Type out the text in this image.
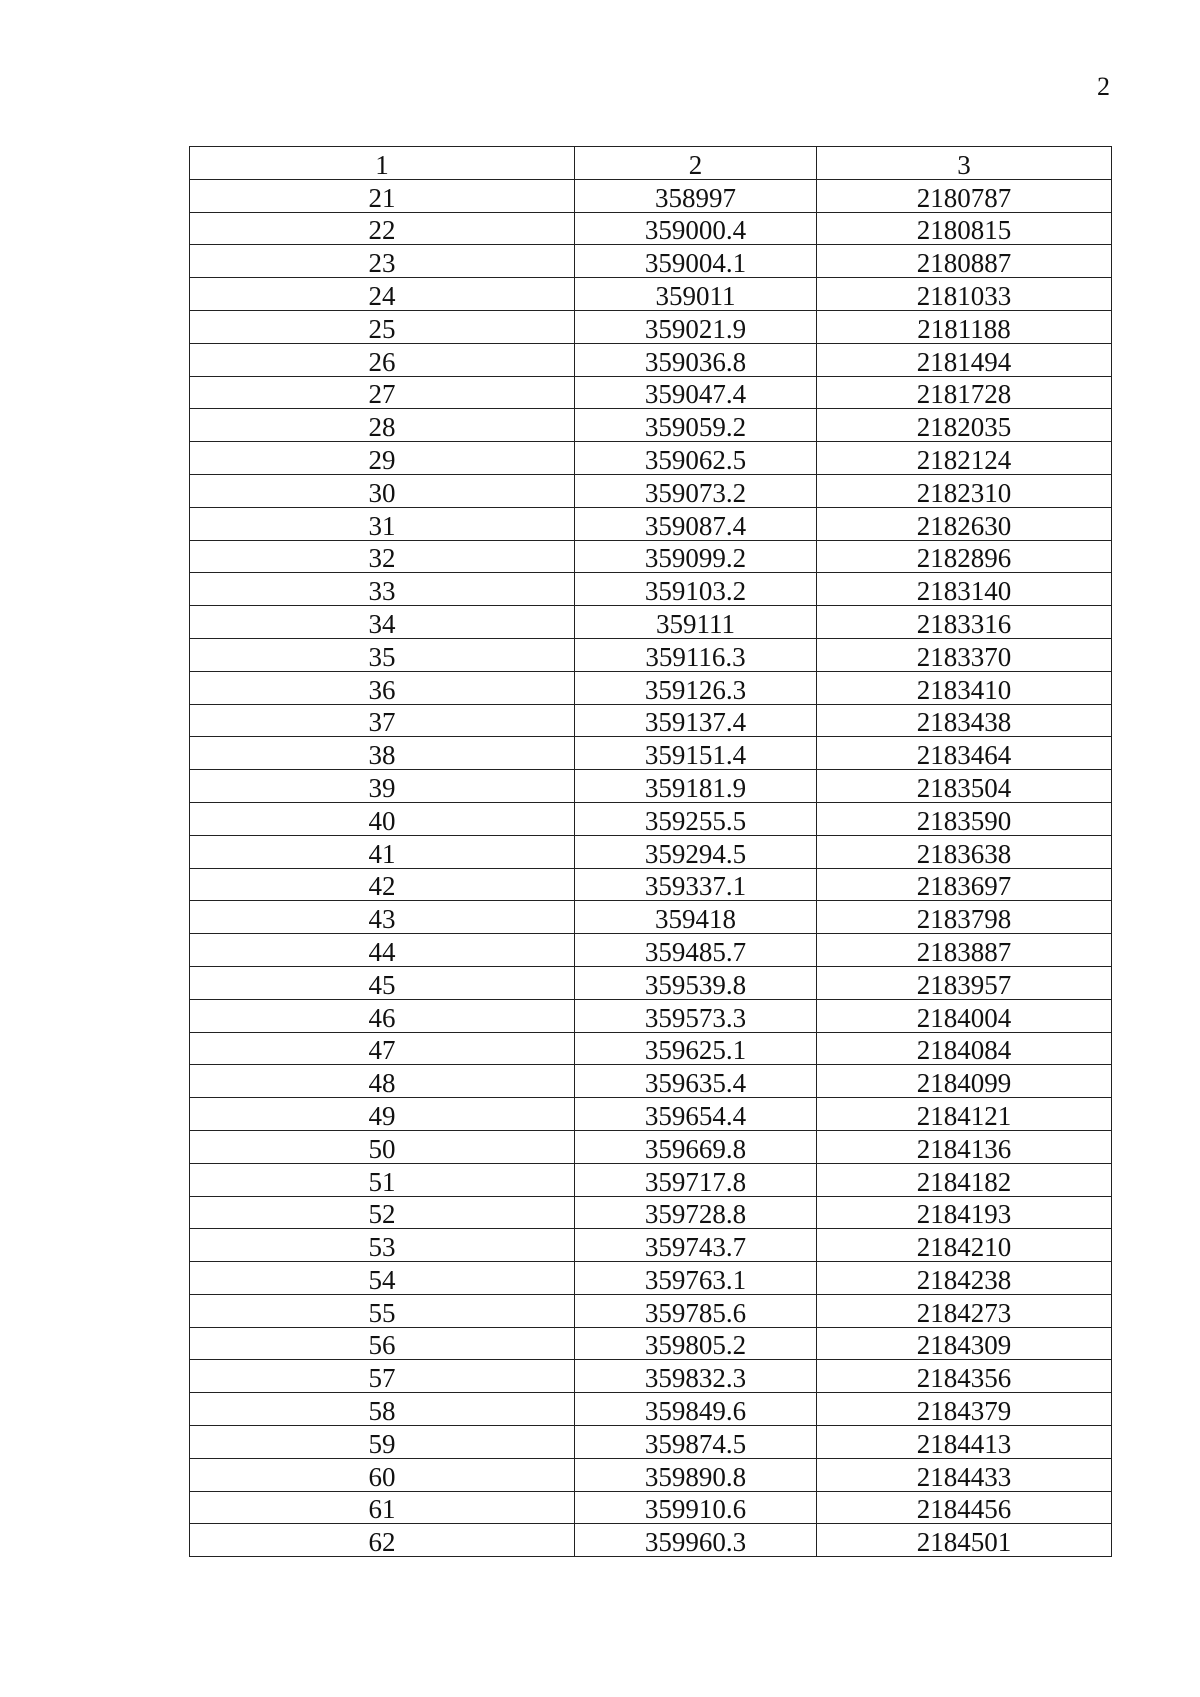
2
1	2	3
21	358997	2180787
22	359000.4	2180815
23	359004.1	2180887
24	359011	2181033
25	359021.9	2181188
26	359036.8	2181494
27	359047.4	2181728
28	359059.2	2182035
29	359062.5	2182124
30	359073.2	2182310
31	359087.4	2182630
32	359099.2	2182896
33	359103.2	2183140
34	359111	2183316
35	359116.3	2183370
36	359126.3	2183410
37	359137.4	2183438
38	359151.4	2183464
39	359181.9	2183504
40	359255.5	2183590
41	359294.5	2183638
42	359337.1	2183697
43	359418	2183798
44	359485.7	2183887
45	359539.8	2183957
46	359573.3	2184004
47	359625.1	2184084
48	359635.4	2184099
49	359654.4	2184121
50	359669.8	2184136
51	359717.8	2184182
52	359728.8	2184193
53	359743.7	2184210
54	359763.1	2184238
55	359785.6	2184273
56	359805.2	2184309
57	359832.3	2184356
58	359849.6	2184379
59	359874.5	2184413
60	359890.8	2184433
61	359910.6	2184456
62	359960.3	2184501
